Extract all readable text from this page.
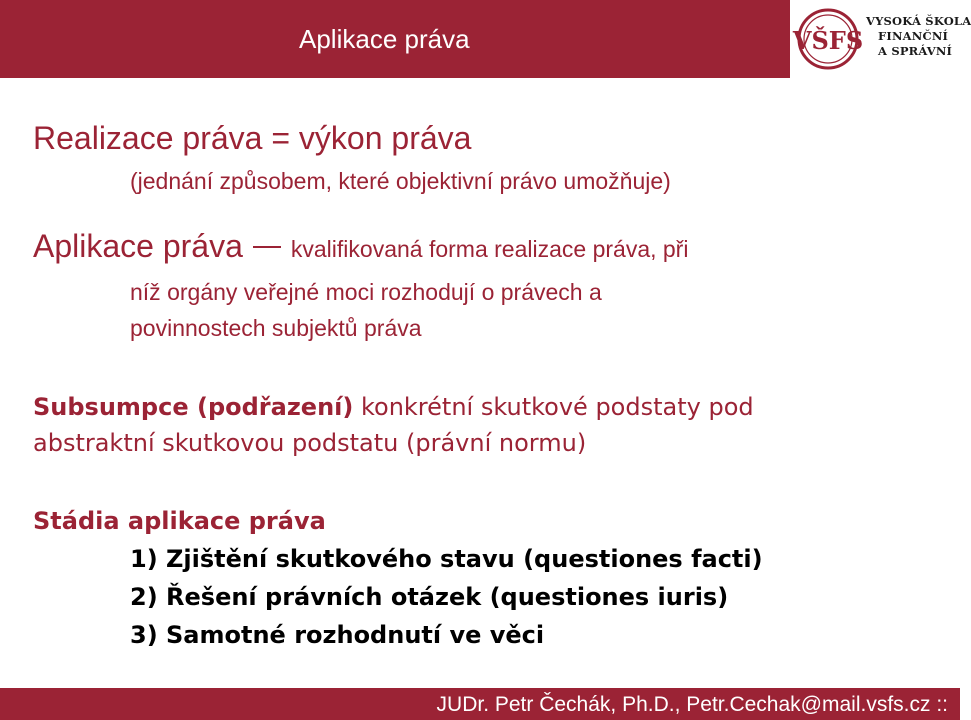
Aplikace práva	VŠFS
VYSOKÁ ŠKOLA
FINANČNÍ
A SPRÁVNÍ
Realizace práva = výkon práva
(jednání způsobem, které objektivní právo umožňuje)
Aplikace práva kvalifikovaná forma realizace práva, při
níž orgány veřejné moci rozhodují o právech a
povinnostech subjektů práva
Subsumpce (podřazení) konkrétní skutkové podstaty pod
abstraktní skutkovou podstatu (právní normu)
Stádia aplikace práva
1) Zjištění skutkového stavu (questiones facti)
2) Řešení právních otázek (questiones iuris)
3) Samotné rozhodnutí ve věci
JUDr. Petr Čechák, Ph.D., Petr.Cechak@mail.vsfs.cz ::
